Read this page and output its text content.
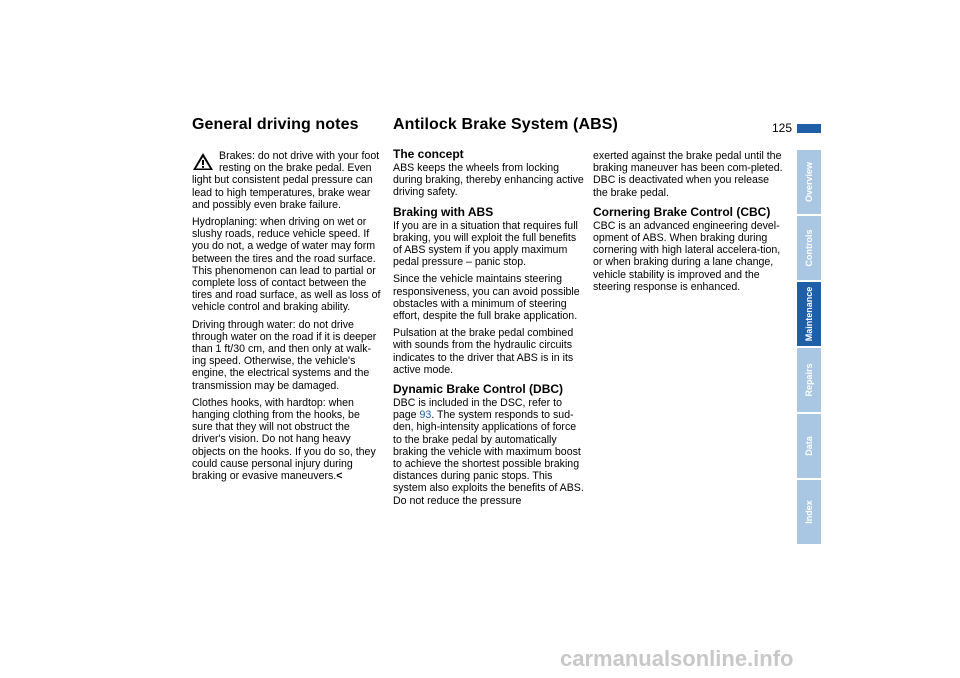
General driving notes Antilock Brake System (ABS)	125
Brakes: do not drive with your foot resting on the brake pedal. Even

light but consistent pedal pressure can lead to high temperatures, brake wear and possibly even brake failure.

Hydroplaning: when driving on wet or slushy roads, reduce vehicle speed. If you do not, a wedge of water may form between the tires and the road surface. This phenomenon can lead to partial or complete loss of contact between the tires and road surface, as well as loss of vehicle control and braking ability.

Driving through water: do not drive through water on the road if it is deeper than 1 ft/30 cm, and then only at walk-ing speed. Otherwise, the vehicle's engine, the electrical systems and the transmission may be damaged.

Clothes hooks, with hardtop: when hanging clothing from the hooks, be sure that they will not obstruct the driver's vision. Do not hang heavy objects on the hooks. If you do so, they could cause personal injury during braking or evasive maneuvers.<

The concept

ABS keeps the wheels from locking during braking, thereby enhancing active driving safety.

Braking with ABS

If you are in a situation that requires full braking, you will exploit the full benefits of ABS system if you apply maximum pedal pressure – panic stop.

Since the vehicle maintains steering responsiveness, you can avoid possible obstacles with a minimum of steering effort, despite the full brake application.

Pulsation at the brake pedal combined with sounds from the hydraulic circuits indicates to the driver that ABS is in its active mode.

Dynamic Brake Control (DBC)

DBC is included in the DSC, refer to page 93. The system responds to sud-den, high-intensity applications of force to the brake pedal by automatically braking the vehicle with maximum boost to achieve the shortest possible braking distances during panic stops. This system also exploits the benefits of ABS. Do not reduce the pressure

exerted against the brake pedal until the braking maneuver has been com-pleted. DBC is deactivated when you release the brake pedal.

Cornering Brake Control (CBC)

CBC is an advanced engineering devel-opment of ABS. When braking during cornering with high lateral accelera-tion, or when braking during a lane change, vehicle stability is improved and the steering response is enhanced.

Overview
Controls
Maintenance
Repairs
Data
Index
carmanualsonline.info
